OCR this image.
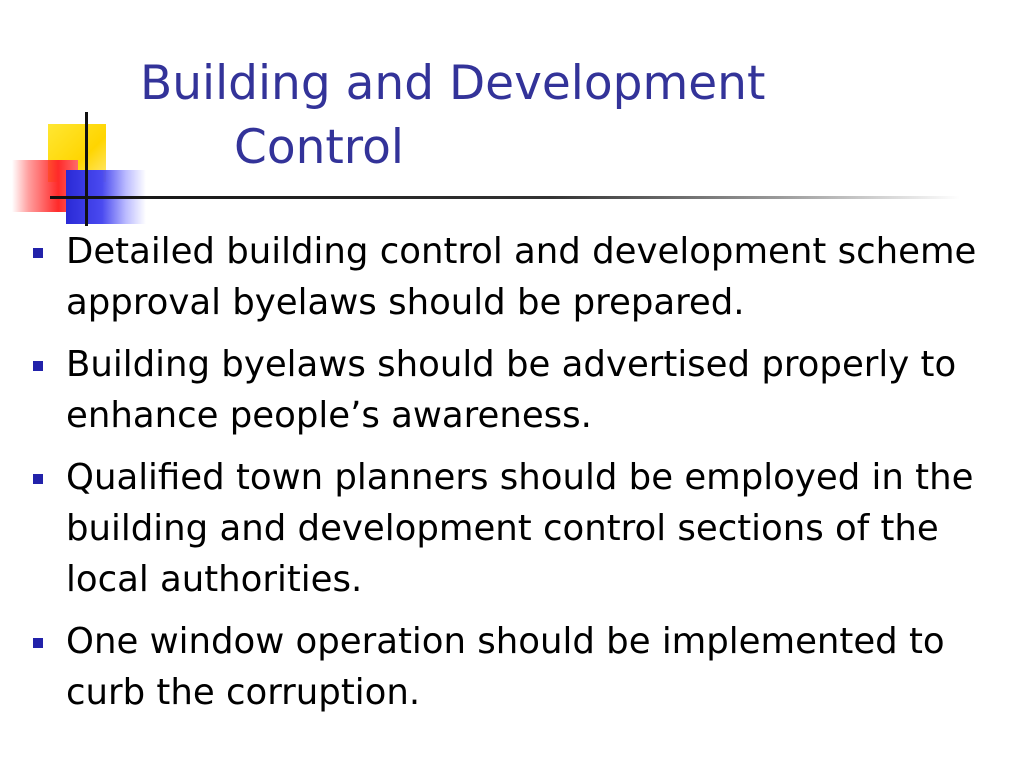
Building and Development
Control
Detailed building control and development scheme approval byelaws should be prepared.
Building byelaws should be advertised properly to enhance people’s awareness.
Qualified town planners should be employed in the building and development control sections of the local authorities.
One window operation should be implemented to curb the corruption.
